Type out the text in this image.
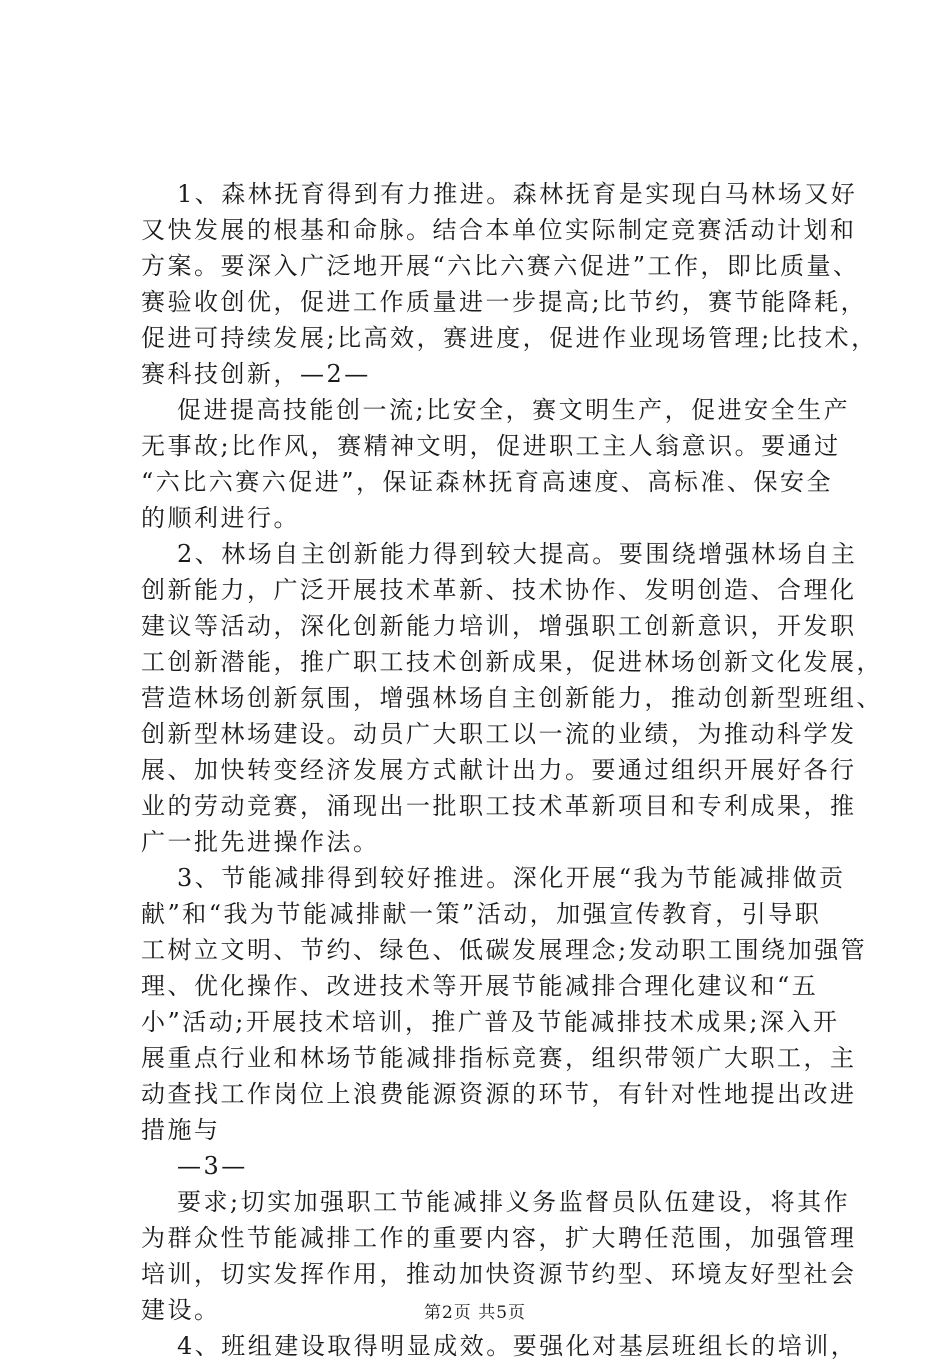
1、森林抚育得到有力推进。森林抚育是实现白马林场又好
又快发展的根基和命脉。结合本单位实际制定竞赛活动计划和
方案。要深入广泛地开展“六比六赛六促进”工作，即比质量、
赛验收创优，促进工作质量进一步提高;比节约，赛节能降耗，
促进可持续发展;比高效，赛进度，促进作业现场管理;比技术，
赛科技创新，—2—
促进提高技能创一流;比安全，赛文明生产，促进安全生产
无事故;比作风，赛精神文明，促进职工主人翁意识。要通过
“六比六赛六促进”，保证森林抚育高速度、高标准、保安全
的顺利进行。
2、林场自主创新能力得到较大提高。要围绕增强林场自主
创新能力，广泛开展技术革新、技术协作、发明创造、合理化
建议等活动，深化创新能力培训，增强职工创新意识，开发职
工创新潜能，推广职工技术创新成果，促进林场创新文化发展，
营造林场创新氛围，增强林场自主创新能力，推动创新型班组、
创新型林场建设。动员广大职工以一流的业绩，为推动科学发
展、加快转变经济发展方式献计出力。要通过组织开展好各行
业的劳动竞赛，涌现出一批职工技术革新项目和专利成果，推
广一批先进操作法。
3、节能减排得到较好推进。深化开展“我为节能减排做贡
献”和“我为节能减排献一策”活动，加强宣传教育，引导职
工树立文明、节约、绿色、低碳发展理念;发动职工围绕加强管
理、优化操作、改进技术等开展节能减排合理化建议和“五
小”活动;开展技术培训，推广普及节能减排技术成果;深入开
展重点行业和林场节能减排指标竞赛，组织带领广大职工，主
动查找工作岗位上浪费能源资源的环节，有针对性地提出改进
措施与
—3—
要求;切实加强职工节能减排义务监督员队伍建设，将其作
为群众性节能减排工作的重要内容，扩大聘任范围，加强管理
培训，切实发挥作用，推动加快资源节约型、环境友好型社会
建设。
4、班组建设取得明显成效。要强化对基层班组长的培训，
第2页 共5页
